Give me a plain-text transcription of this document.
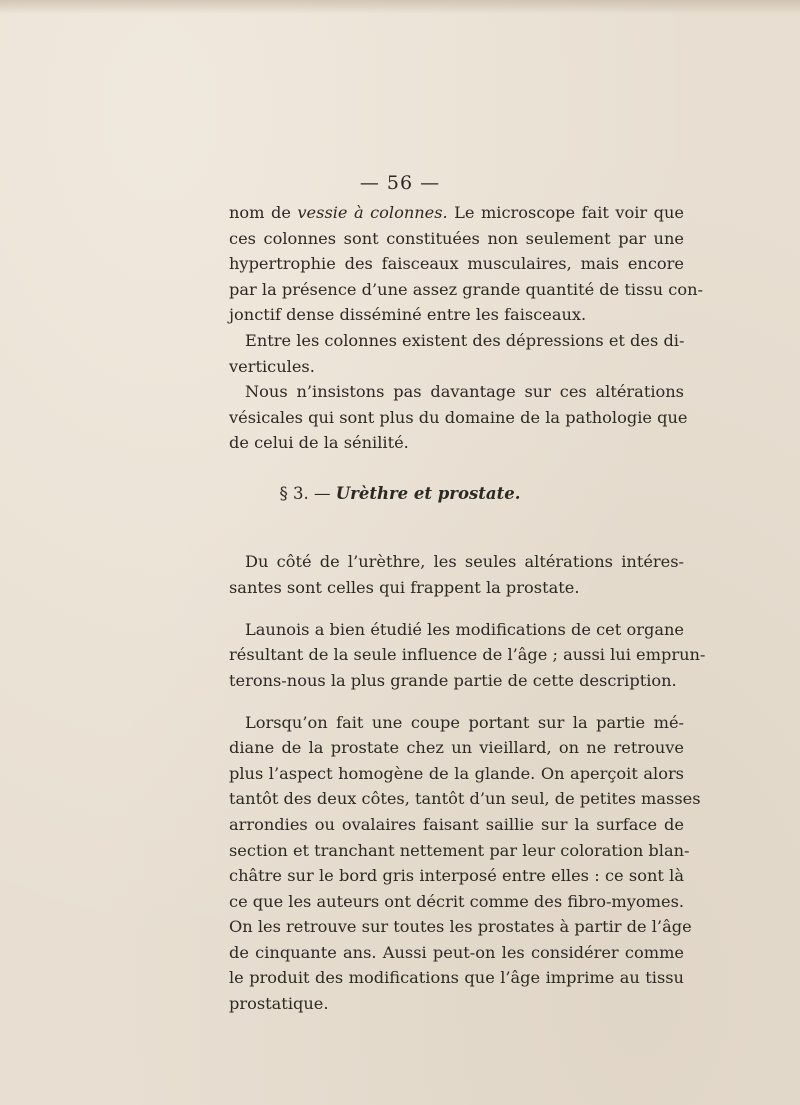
— 56 —

nom de vessie à colonnes. Le microscope fait voir que
ces colonnes sont constituées non seulement par une
hypertrophie des faisceaux musculaires, mais encore
par la présence d’une assez grande quantité de tissu con-
jonctif dense disséminé entre les faisceaux.

Entre les colonnes existent des dépressions et des di-
verticules.

Nous n’insistons pas davantage sur ces altérations
vésicales qui sont plus du domaine de la pathologie que
de celui de la sénilité.

§ 3. — Urèthre et prostate.

Du côté de l’urèthre, les seules altérations intéres-
santes sont celles qui frappent la prostate.

Launois a bien étudié les modifications de cet organe
résultant de la seule influence de l’âge ; aussi lui emprun-
terons-nous la plus grande partie de cette description.

Lorsqu’on fait une coupe portant sur la partie mé-
diane de la prostate chez un vieillard, on ne retrouve
plus l’aspect homogène de la glande. On aperçoit alors
tantôt des deux côtes, tantôt d’un seul, de petites masses
arrondies ou ovalaires faisant saillie sur la surface de
section et tranchant nettement par leur coloration blan-
châtre sur le bord gris interposé entre elles : ce sont là
ce que les auteurs ont décrit comme des fibro-myomes.
On les retrouve sur toutes les prostates à partir de l’âge
de cinquante ans. Aussi peut-on les considérer comme
le produit des modifications que l’âge imprime au tissu
prostatique.
